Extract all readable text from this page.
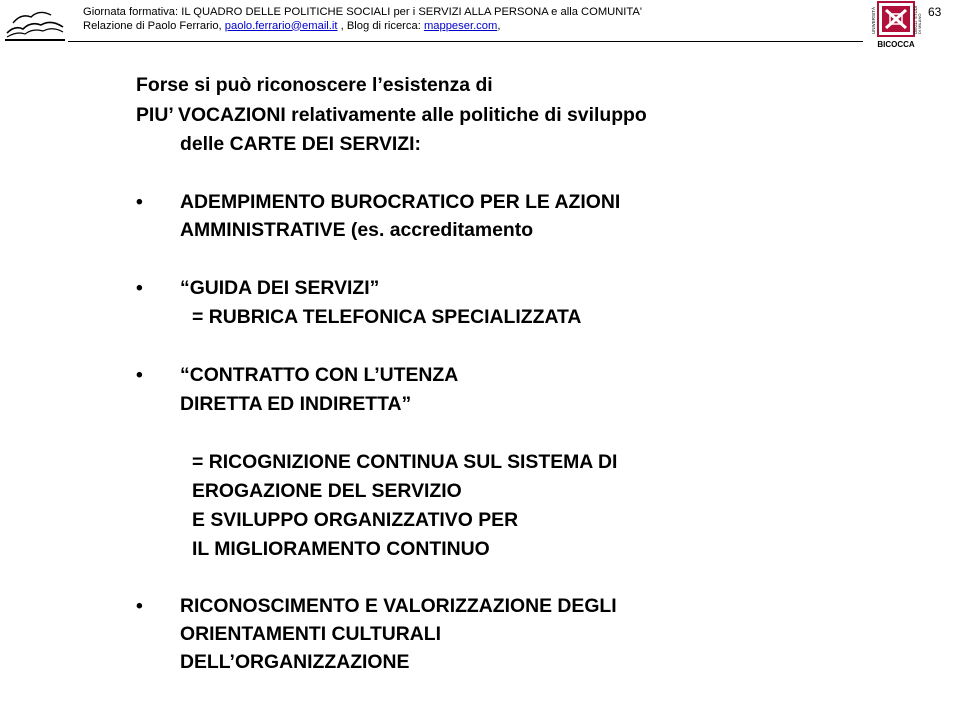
Giornata formativa: IL QUADRO DELLE POLITICHE SOCIALI per i SERVIZI ALLA PERSONA e alla COMUNITA'
Relazione di Paolo Ferrario, paolo.ferrario@email.it , Blog di ricerca: mappeser.com,	UNIVERSITÀ	DEGLI STUDI DI MILANO
BICOCCA
63
Forse si può riconoscere l’esistenza di
PIU’ VOCAZIONI relativamente alle politiche di sviluppo
delle CARTE DEI SERVIZI:
• ADEMPIMENTO BUROCRATICO PER LE AZIONI
AMMINISTRATIVE (es. accreditamento
• “GUIDA DEI SERVIZI”
= RUBRICA TELEFONICA SPECIALIZZATA
• “CONTRATTO CON L’UTENZA
DIRETTA ED INDIRETTA”
= RICOGNIZIONE CONTINUA SUL SISTEMA DI
EROGAZIONE DEL SERVIZIO
E SVILUPPO ORGANIZZATIVO PER
IL MIGLIORAMENTO CONTINUO
• RICONOSCIMENTO E VALORIZZAZIONE DEGLI
ORIENTAMENTI CULTURALI
DELL’ORGANIZZAZIONE
